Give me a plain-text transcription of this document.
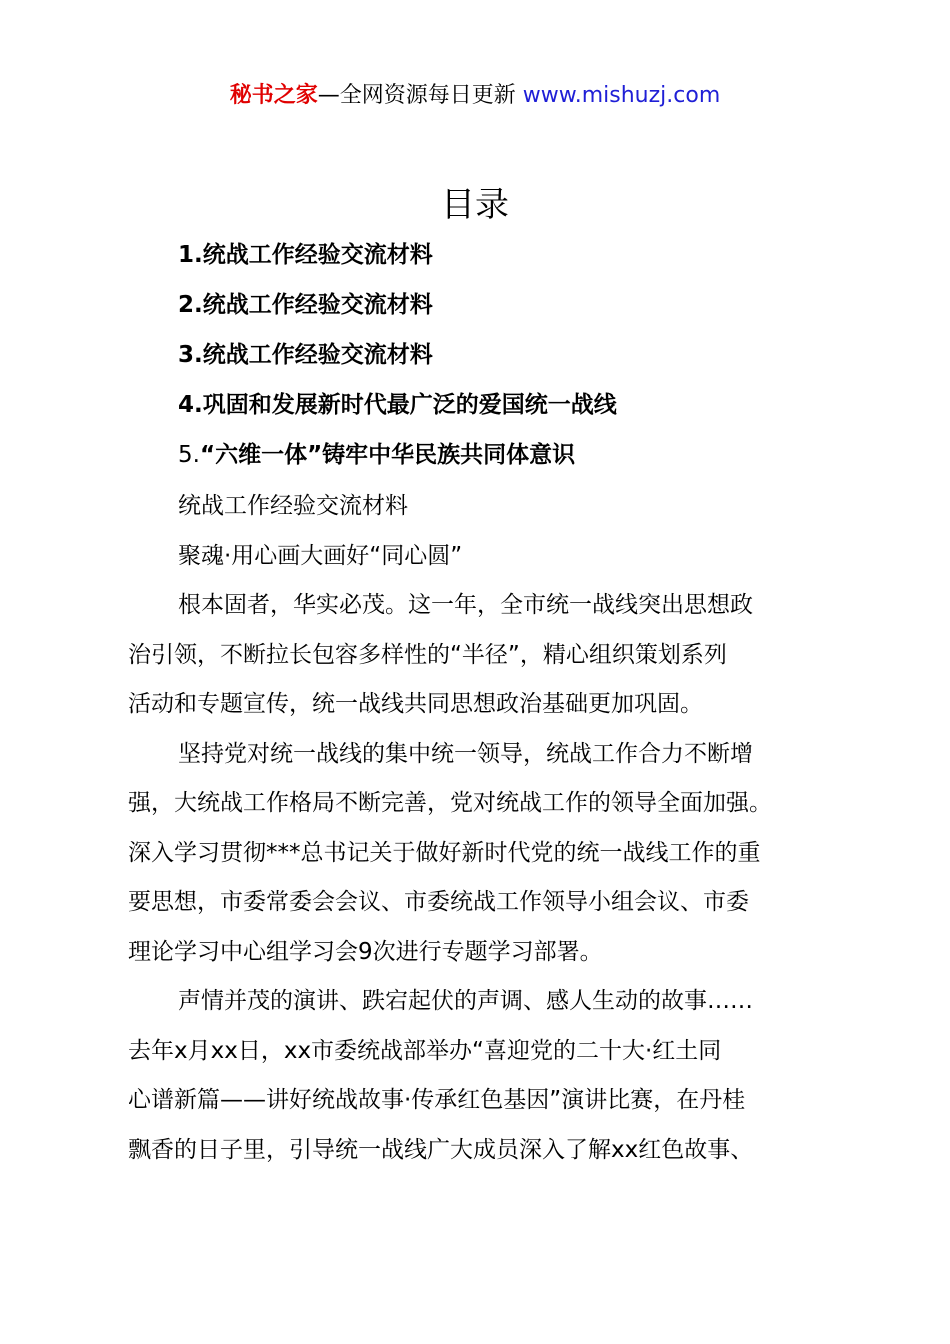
秘书之家—全网资源每日更新 www.mishuzj.com
目录
1.统战工作经验交流材料
2.统战工作经验交流材料
3.统战工作经验交流材料
4.巩固和发展新时代最广泛的爱国统一战线
5.“六维一体”铸牢中华民族共同体意识
统战工作经验交流材料
聚魂·用心画大画好“同心圆”
根本固者，华实必茂。这一年，全市统一战线突出思想政
治引领，不断拉长包容多样性的“半径”，精心组织策划系列
活动和专题宣传，统一战线共同思想政治基础更加巩固。
坚持党对统一战线的集中统一领导，统战工作合力不断增
强，大统战工作格局不断完善，党对统战工作的领导全面加强。
深入学习贯彻***总书记关于做好新时代党的统一战线工作的重
要思想，市委常委会会议、市委统战工作领导小组会议、市委
理论学习中心组学习会9次进行专题学习部署。
声情并茂的演讲、跌宕起伏的声调、感人生动的故事……
去年x月xx日，xx市委统战部举办“喜迎党的二十大·红土同
心谱新篇——讲好统战故事·传承红色基因”演讲比赛，在丹桂
飘香的日子里，引导统一战线广大成员深入了解xx红色故事、
